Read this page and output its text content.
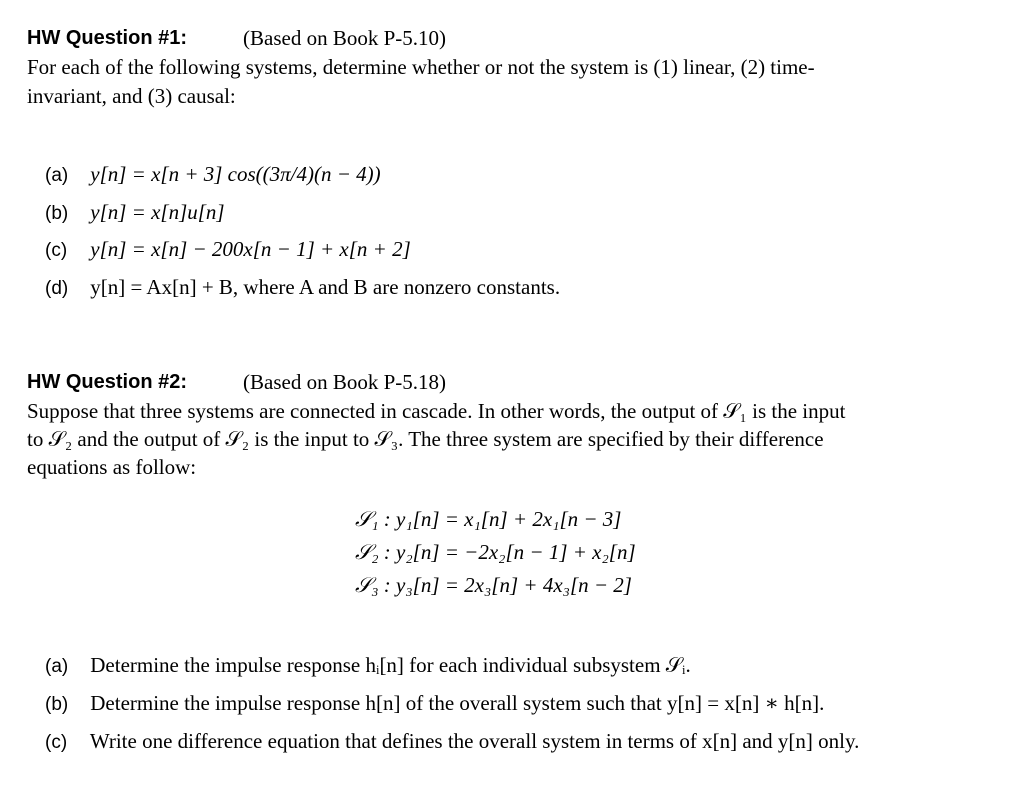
HW Question #1:	(Based on Book P-5.10)
For each of the following systems, determine whether or not the system is (1) linear, (2) time-
invariant, and (3) causal:
(a) y[n] = x[n + 3] cos((3π/4)(n − 4))
(b) y[n] = x[n]u[n]
(c) y[n] = x[n] − 200x[n − 1] + x[n + 2]
(d) y[n] = Ax[n] + B, where A and B are nonzero constants.
HW Question #2:	(Based on Book P-5.18)
Suppose that three systems are connected in cascade. In other words, the output of 𝒮₁ is the input
to 𝒮₂ and the output of 𝒮₂ is the input to 𝒮₃. The three system are specified by their difference
equations as follow:
𝒮₁ : y₁[n] = x₁[n] + 2x₁[n − 3]
𝒮₂ : y₂[n] = −2x₂[n − 1] + x₂[n]
𝒮₃ : y₃[n] = 2x₃[n] + 4x₃[n − 2]
(a) Determine the impulse response hᵢ[n] for each individual subsystem 𝒮ᵢ.
(b) Determine the impulse response h[n] of the overall system such that y[n] = x[n] ∗ h[n].
(c) Write one difference equation that defines the overall system in terms of x[n] and y[n] only.
